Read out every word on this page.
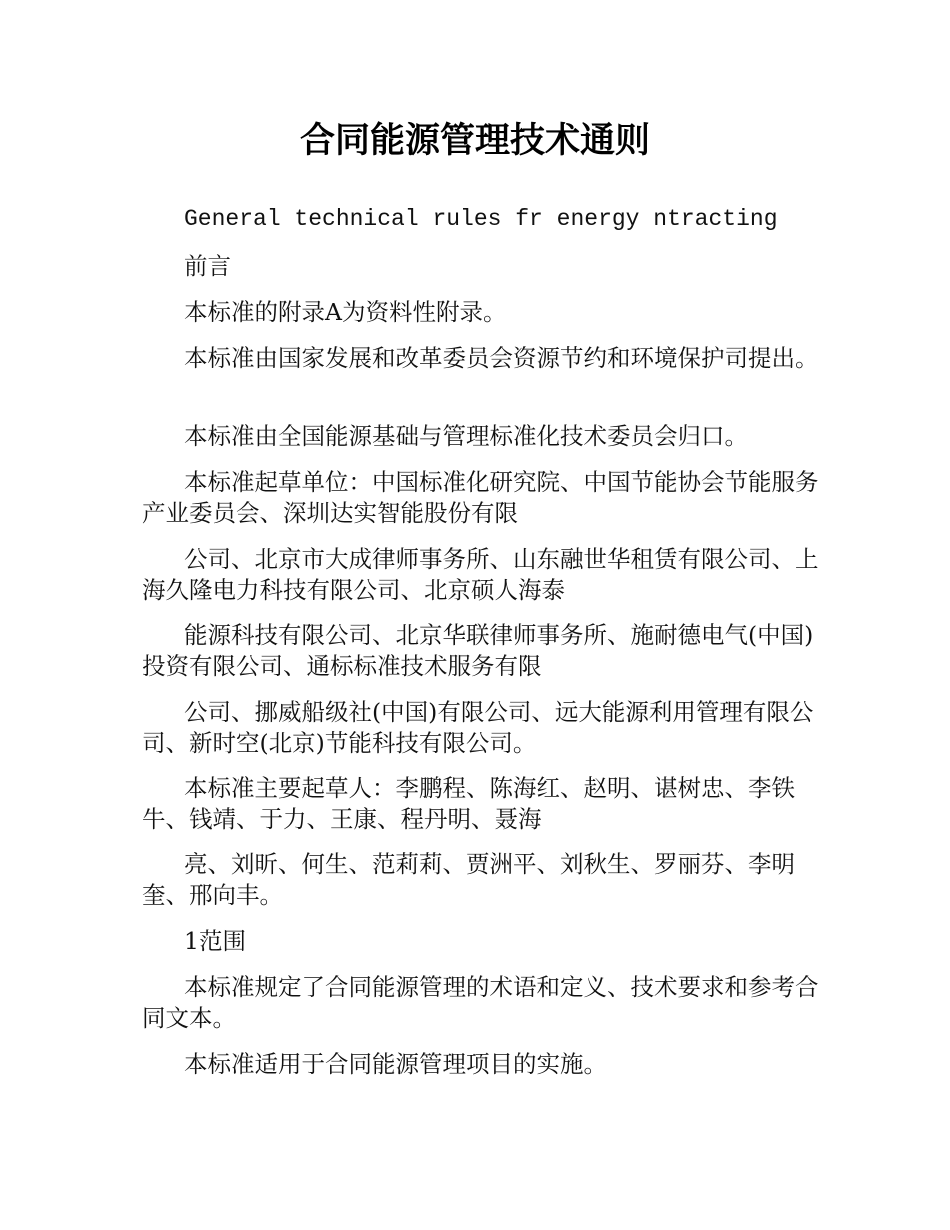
合同能源管理技术通则

General technical rules fr energy ntracting

前言

本标准的附录A为资料性附录。

本标准由国家发展和改革委员会资源节约和环境保护司提出。

本标准由全国能源基础与管理标准化技术委员会归口。

本标准起草单位：中国标准化研究院、中国节能协会节能服务产业委员会、深圳达实智能股份有限

公司、北京市大成律师事务所、山东融世华租赁有限公司、上海久隆电力科技有限公司、北京硕人海泰

能源科技有限公司、北京华联律师事务所、施耐德电气(中国)投资有限公司、通标标准技术服务有限

公司、挪威船级社(中国)有限公司、远大能源利用管理有限公司、新时空(北京)节能科技有限公司。

本标准主要起草人：李鹏程、陈海红、赵明、谌树忠、李铁牛、钱靖、于力、王康、程丹明、聂海

亮、刘昕、何生、范莉莉、贾洲平、刘秋生、罗丽芬、李明奎、邢向丰。

1范围

本标准规定了合同能源管理的术语和定义、技术要求和参考合同文本。

本标准适用于合同能源管理项目的实施。
